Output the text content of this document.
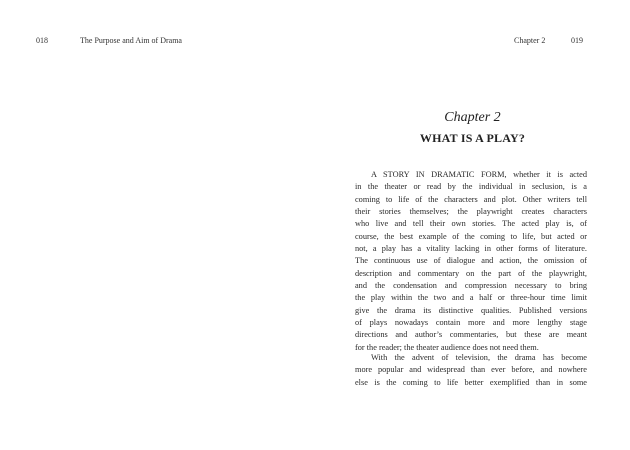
018	The Purpose and Aim of Drama	Chapter 2	019
Chapter 2
WHAT IS A PLAY?

A STORY IN DRAMATIC FORM, whether it is acted
in the theater or read by the individual in seclusion, is a
coming to life of the characters and plot. Other writers tell
their stories themselves; the playwright creates characters
who live and tell their own stories. The acted play is, of
course, the best example of the coming to life, but acted or
not, a play has a vitality lacking in other forms of literature.
The continuous use of dialogue and action, the omission of
description and commentary on the part of the playwright,
and the condensation and compression necessary to bring
the play within the two and a half or three-hour time limit
give the drama its distinctive qualities. Published versions
of plays nowadays contain more and more lengthy stage
directions and author’s commentaries, but these are meant
for the reader; the theater audience does not need them.

With the advent of television, the drama has become
more popular and widespread than ever before, and nowhere
else is the coming to life better exemplified than in some
